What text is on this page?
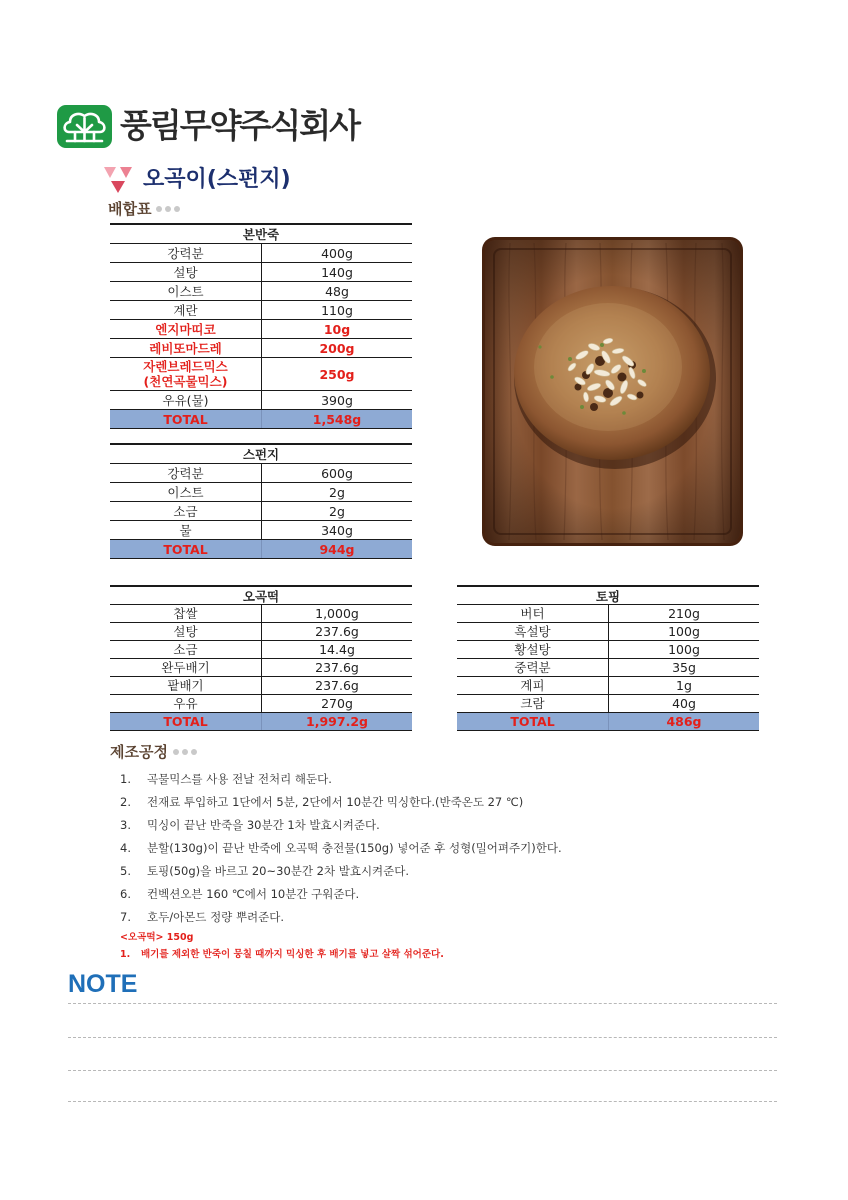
풍림무약주식회사
오곡이(스펀지)
배합표
본반죽
강력분	400g
설탕	140g
이스트	48g
계란	110g
엔지마띠코	10g
레비또마드레	200g
자렌브레드믹스
(천연곡물믹스)	250g
우유(물)	390g
TOTAL	1,548g
스펀지
강력분	600g
이스트	2g
소금	2g
물	340g
TOTAL	944g
오곡떡
찹쌀	1,000g
설탕	237.6g
소금	14.4g
완두배기	237.6g
팥배기	237.6g
우유	270g
TOTAL	1,997.2g
토핑
버터	210g
흑설탕	100g
황설탕	100g
중력분	35g
계피	1g
크람	40g
TOTAL	486g
제조공정
1.	곡물믹스를 사용 전날 전처리 해둔다.
2.	전재료 투입하고 1단에서 5분, 2단에서 10분간 믹싱한다.(반죽온도 27 ℃)
3.	믹싱이 끝난 반죽을 30분간 1차 발효시켜준다.
4.	분할(130g)이 끝난 반죽에 오곡떡 충전물(150g) 넣어준 후 성형(밀어펴주기)한다.
5.	토핑(50g)을 바르고 20~30분간 2차 발효시켜준다.
6.	컨벡션오븐 160 ℃에서 10분간 구워준다.
7.	호두/아몬드 정량 뿌려준다.
<오곡떡> 150g
1.	배기를 제외한 반죽이 뭉칠 때까지 믹싱한 후 배기를 넣고 살짝 섞어준다.
NOTE
